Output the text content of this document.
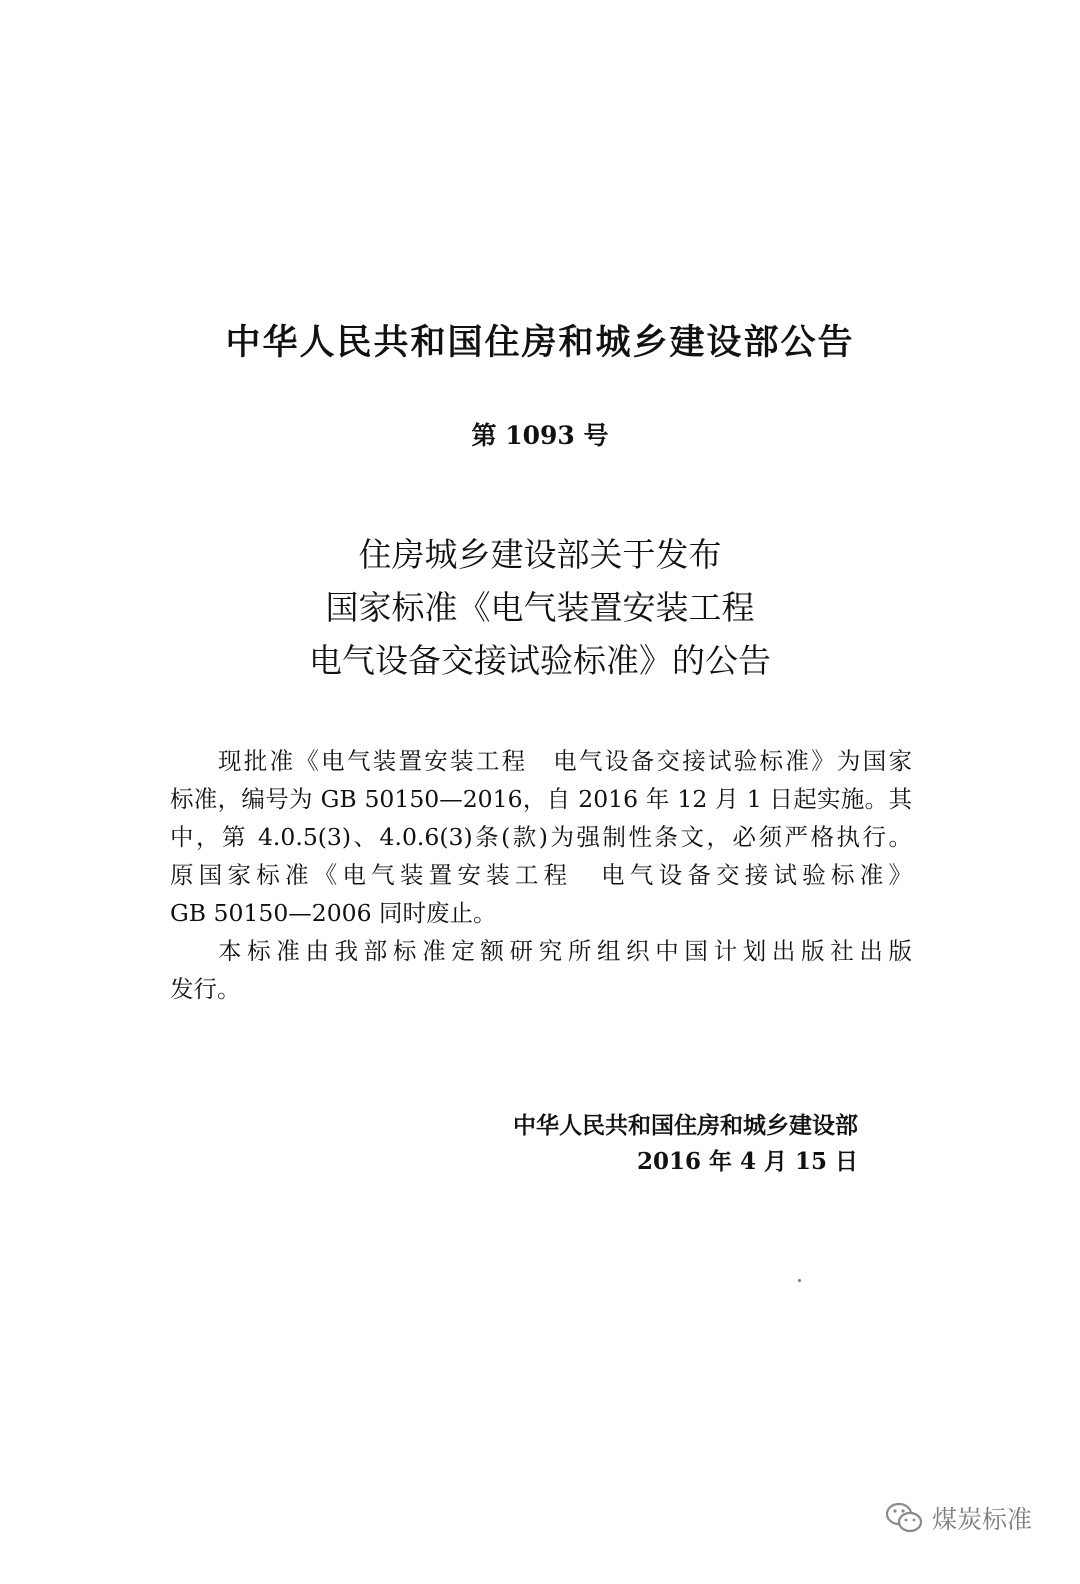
中华人民共和国住房和城乡建设部公告
第 1093 号
住房城乡建设部关于发布
国家标准《电气装置安装工程
电气设备交接试验标准》的公告
现批准《电气装置安装工程　电气设备交接试验标准》为国家
标准，编号为 GB 50150—2016，自 2016 年 12 月 1 日起实施。其
中，第 4.0.5(3)、4.0.6(3)条(款)为强制性条文，必须严格执行。
原国家标准《电气装置安装工程　电气设备交接试验标准》
GB 50150—2006 同时废止。
本标准由我部标准定额研究所组织中国计划出版社出版
发行。
中华人民共和国住房和城乡建设部
2016 年 4 月 15 日
煤炭标准
